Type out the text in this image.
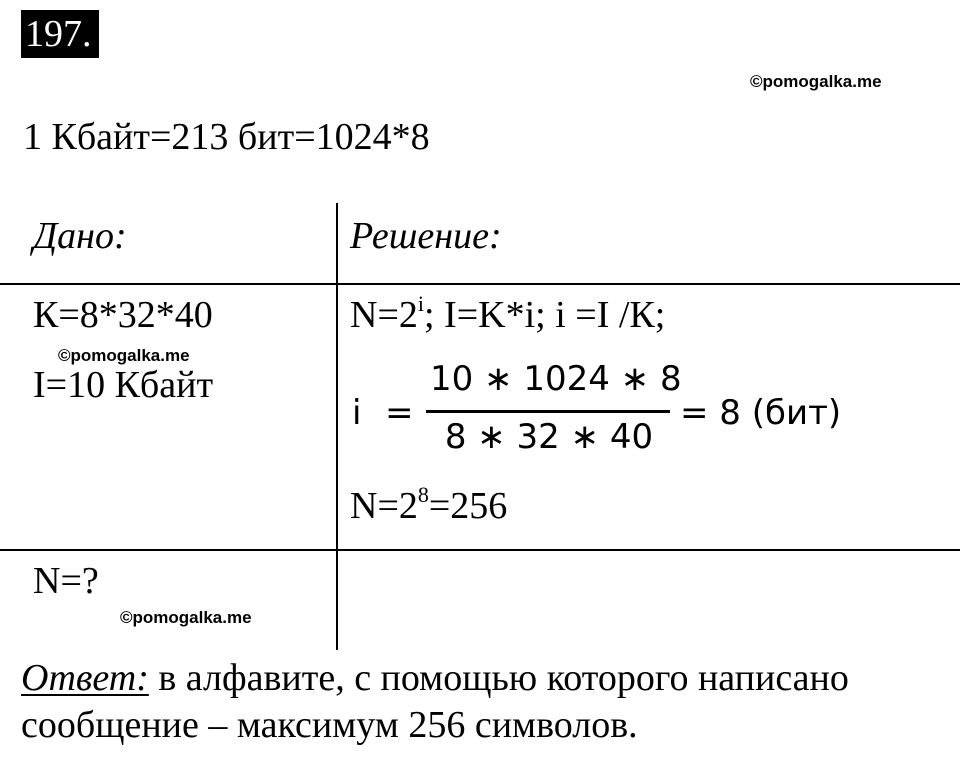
197.
©pomogalka.me
1 Кбайт=213 бит=1024*8
Дано:	Решение:
К=8*32*40
©pomogalka.me
I=10 Кбайт
$N=2^i$; I=K*i; i =I /К;
i =
10 ∗ 1024 ∗ 8
8 ∗ 32 ∗ 40
= 8 (бит)
$N=2^8=256$
N=?
©pomogalka.me
Ответ: в алфавите, с помощью которого написано
сообщение – максимум 256 символов.
